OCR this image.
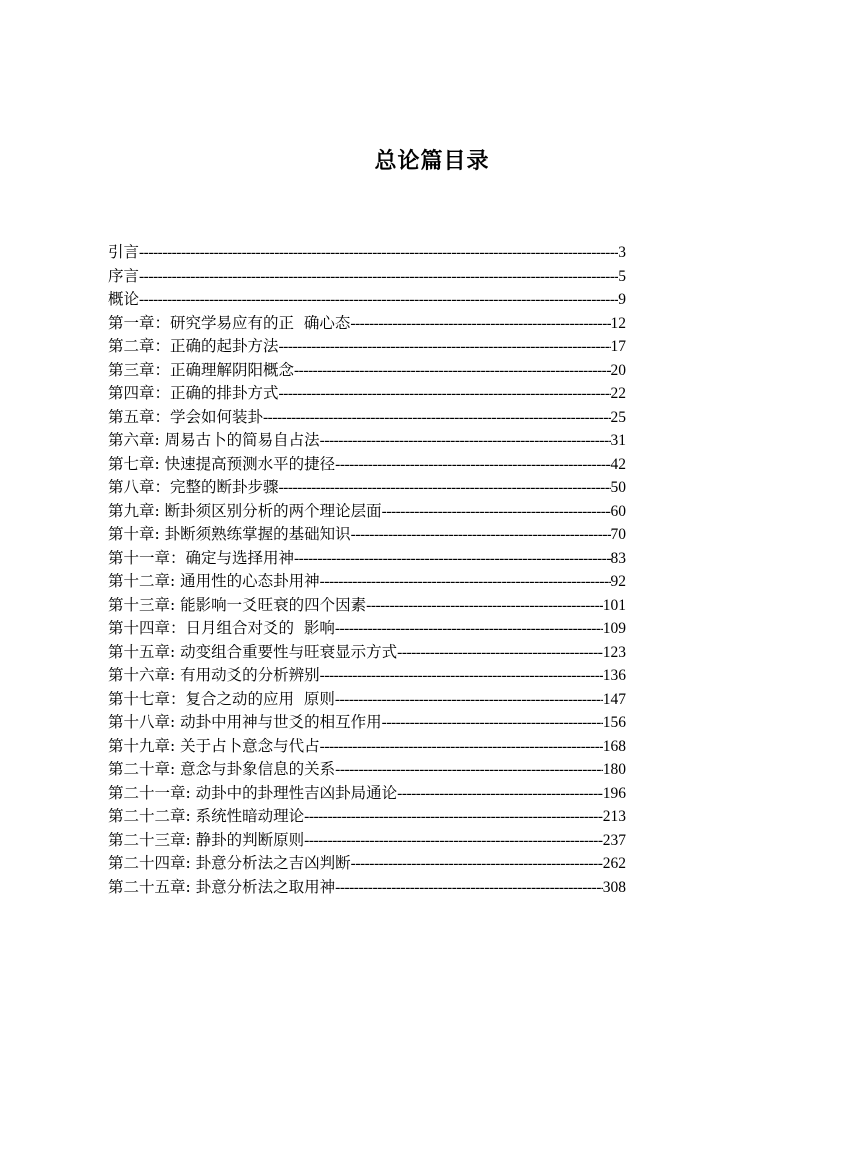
总论篇目录
引言 -----	3
序言 -----	5
概论 -----	9
第一章：研究学易应有的正  确心态 -----	12
第二章：正确的起卦方法 -----	17
第三章：正确理解阴阳概念 -----	20
第四章：正确的排卦方式 -----	22
第五章：学会如何装卦 -----	25
第六章: 周易古卜的简易自占法 -----	31
第七章: 快速提高预测水平的捷径 -----	42
第八章：完整的断卦步骤 -----	50
第九章: 断卦须区别分析的两个理论层面 -----	60
第十章: 卦断须熟练掌握的基础知识 -----	70
第十一章：确定与选择用神 -----	83
第十二章: 通用性的心态卦用神 -----	92
第十三章: 能影响一爻旺衰的四个因素 -----	101
第十四章：日月组合对爻的  影响 -----	109
第十五章: 动变组合重要性与旺衰显示方式 -----	123
第十六章: 有用动爻的分析辨别 -----	136
第十七章：复合之动的应用  原则 -----	147
第十八章: 动卦中用神与世爻的相互作用 -----	156
第十九章: 关于占卜意念与代占 -----	168
第二十章: 意念与卦象信息的关系 -----	180
第二十一章: 动卦中的卦理性吉凶卦局通论 -----	196
第二十二章: 系统性暗动理论 -----	213
第二十三章: 静卦的判断原则 -----	237
第二十四章: 卦意分析法之吉凶判断 -----	262
第二十五章: 卦意分析法之取用神 -----	308
